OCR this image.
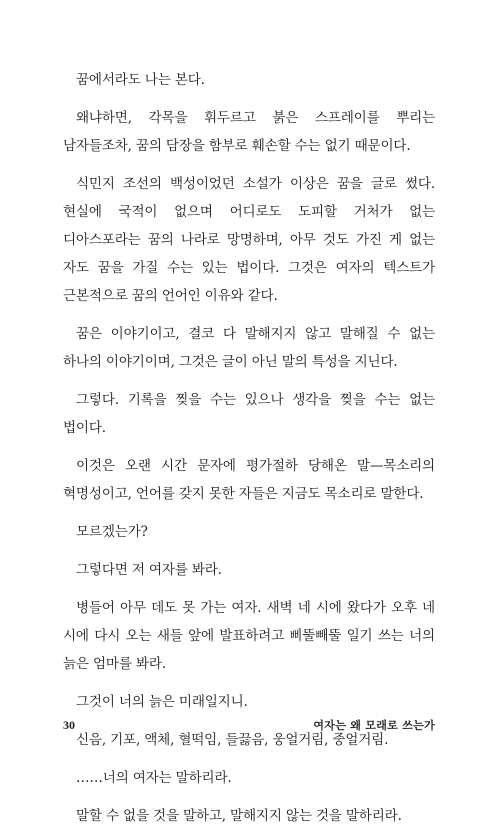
꿈에서라도 나는 본다.

왜냐하면, 각목을 휘두르고 붉은 스프레이를 뿌리는 남자들조차, 꿈의 담장을 함부로 훼손할 수는 없기 때문이다.

식민지 조선의 백성이었던 소설가 이상은 꿈을 글로 썼다. 현실에 국적이 없으며 어디로도 도피할 거처가 없는 디아스포라는 꿈의 나라로 망명하며, 아무 것도 가진 게 없는 자도 꿈을 가질 수는 있는 법이다. 그것은 여자의 텍스트가 근본적으로 꿈의 언어인 이유와 같다.

꿈은 이야기이고, 결코 다 말해지지 않고 말해질 수 없는 하나의 이야기이며, 그것은 글이 아닌 말의 특성을 지닌다.

그렇다. 기록을 찢을 수는 있으나 생각을 찢을 수는 없는 법이다.

이것은 오랜 시간 문자에 평가절하 당해온 말—목소리의 혁명성이고, 언어를 갖지 못한 자들은 지금도 목소리로 말한다.

모르겠는가?

그렇다면 저 여자를 봐라.

병들어 아무 데도 못 가는 여자. 새벽 네 시에 왔다가 오후 네 시에 다시 오는 새들 앞에 발표하려고 삐뚤빼뚤 일기 쓰는 너의 늙은 엄마를 봐라.

그것이 너의 늙은 미래일지니.

신음, 기포, 액체, 혈떡임, 들끓음, 웅얼거림, 중얼거림.

……너의 여자는 말하리라.

말할 수 없을 것을 말하고, 말해지지 않는 것을 말하리라.

30	여자는 왜 모래로 쓰는가
